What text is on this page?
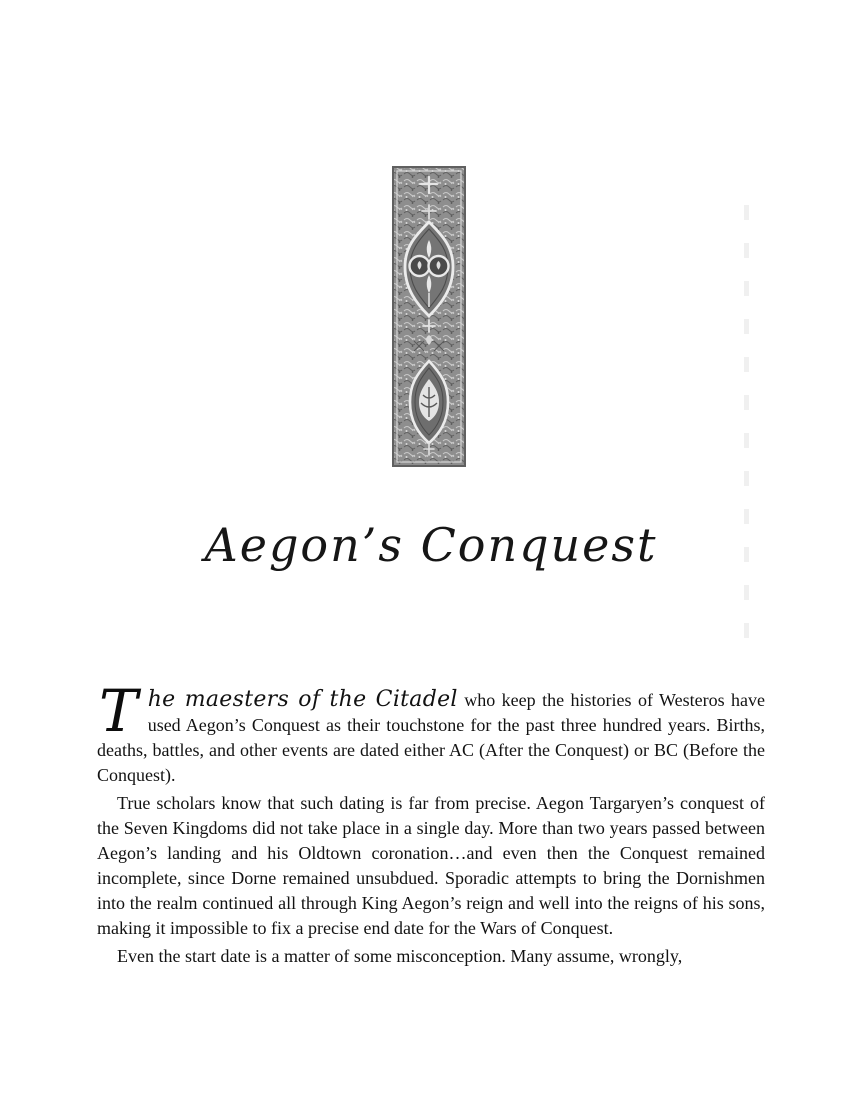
Aegon’s Conquest

The maesters of the Citadel who keep the histories of Westeros have used Aegon’s Conquest as their touchstone for the past three hundred years. Births, deaths, battles, and other events are dated either AC (After the Conquest) or BC (Before the Conquest).

True scholars know that such dating is far from precise. Aegon Targaryen’s conquest of the Seven Kingdoms did not take place in a single day. More than two years passed between Aegon’s landing and his Oldtown coronation…and even then the Conquest remained incomplete, since Dorne remained unsubdued. Sporadic attempts to bring the Dornishmen into the realm continued all through King Aegon’s reign and well into the reigns of his sons, making it impossible to fix a precise end date for the Wars of Conquest.

Even the start date is a matter of some misconception. Many assume, wrongly,
